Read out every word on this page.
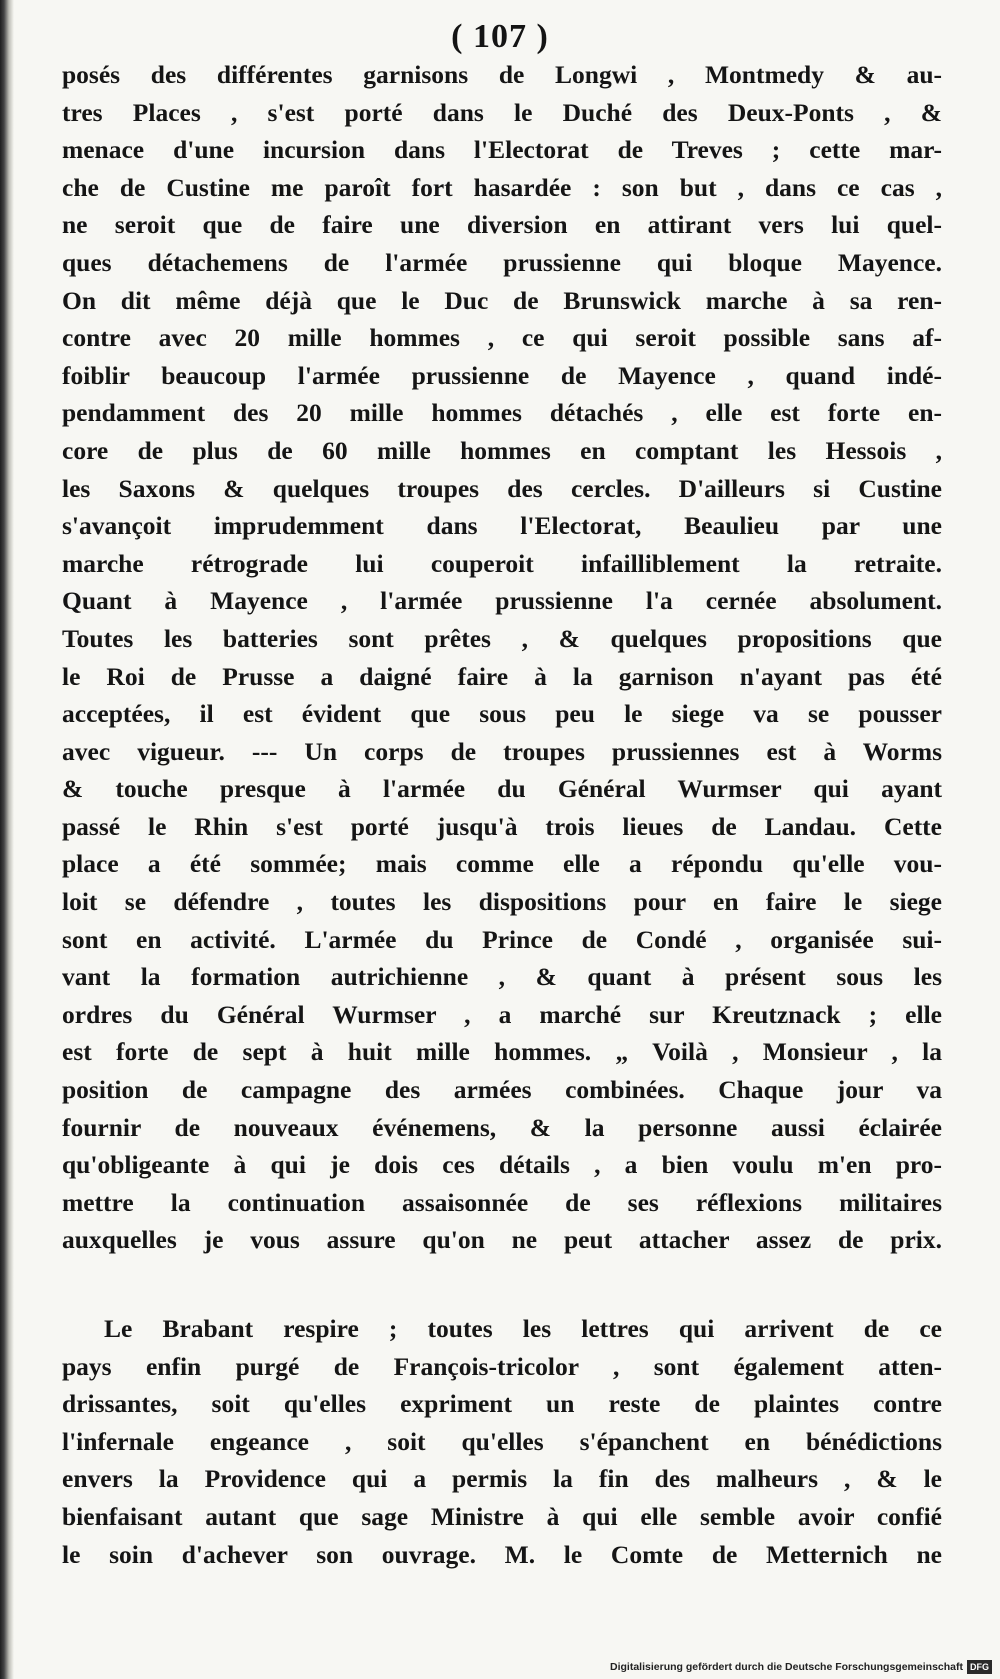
( 107 )
posés des différentes garnisons de Longwi , Montmedy & au-
tres Places , s'est porté dans le Duché des Deux-Ponts , &
menace d'une incursion dans l'Electorat de Treves ; cette mar-
che de Custine me paroît fort hasardée : son but , dans ce cas ,
ne seroit que de faire une diversion en attirant vers lui quel-
ques détachemens de l'armée prussienne qui bloque Mayence.
On dit même déjà que le Duc de Brunswick marche à sa ren-
contre avec 20 mille hommes , ce qui seroit possible sans af-
foiblir beaucoup l'armée prussienne de Mayence , quand indé-
pendamment des 20 mille hommes détachés , elle est forte en-
core de plus de 60 mille hommes en comptant les Hessois ,
les Saxons & quelques troupes des cercles. D'ailleurs si Custine
s'avançoit imprudemment dans l'Electorat, Beaulieu par une
marche rétrograde lui couperoit infailliblement la retraite.
Quant à Mayence , l'armée prussienne l'a cernée absolument.
Toutes les batteries sont prêtes , & quelques propositions que
le Roi de Prusse a daigné faire à la garnison n'ayant pas été
acceptées, il est évident que sous peu le siege va se pousser
avec vigueur. --- Un corps de troupes prussiennes est à Worms
& touche presque à l'armée du Général Wurmser qui ayant
passé le Rhin s'est porté jusqu'à trois lieues de Landau. Cette
place a été sommée; mais comme elle a répondu qu'elle vou-
loit se défendre , toutes les dispositions pour en faire le siege
sont en activité. L'armée du Prince de Condé , organisée sui-
vant la formation autrichienne , & quant à présent sous les
ordres du Général Wurmser , a marché sur Kreutznack ; elle
est forte de sept à huit mille hommes. „ Voilà , Monsieur , la
position de campagne des armées combinées. Chaque jour va
fournir de nouveaux événemens, & la personne aussi éclairée
qu'obligeante à qui je dois ces détails , a bien voulu m'en pro-
mettre la continuation assaisonnée de ses réflexions militaires
auxquelles je vous assure qu'on ne peut attacher assez de prix.
Le Brabant respire ; toutes les lettres qui arrivent de ce
pays enfin purgé de François-tricolor , sont également atten-
drissantes, soit qu'elles expriment un reste de plaintes contre
l'infernale engeance , soit qu'elles s'épanchent en bénédictions
envers la Providence qui a permis la fin des malheurs , & le
bienfaisant autant que sage Ministre à qui elle semble avoir confié
le soin d'achever son ouvrage. M. le Comte de Metternich ne
Digitalisierung gefördert durch die Deutsche Forschungsgemeinschaft DFG
